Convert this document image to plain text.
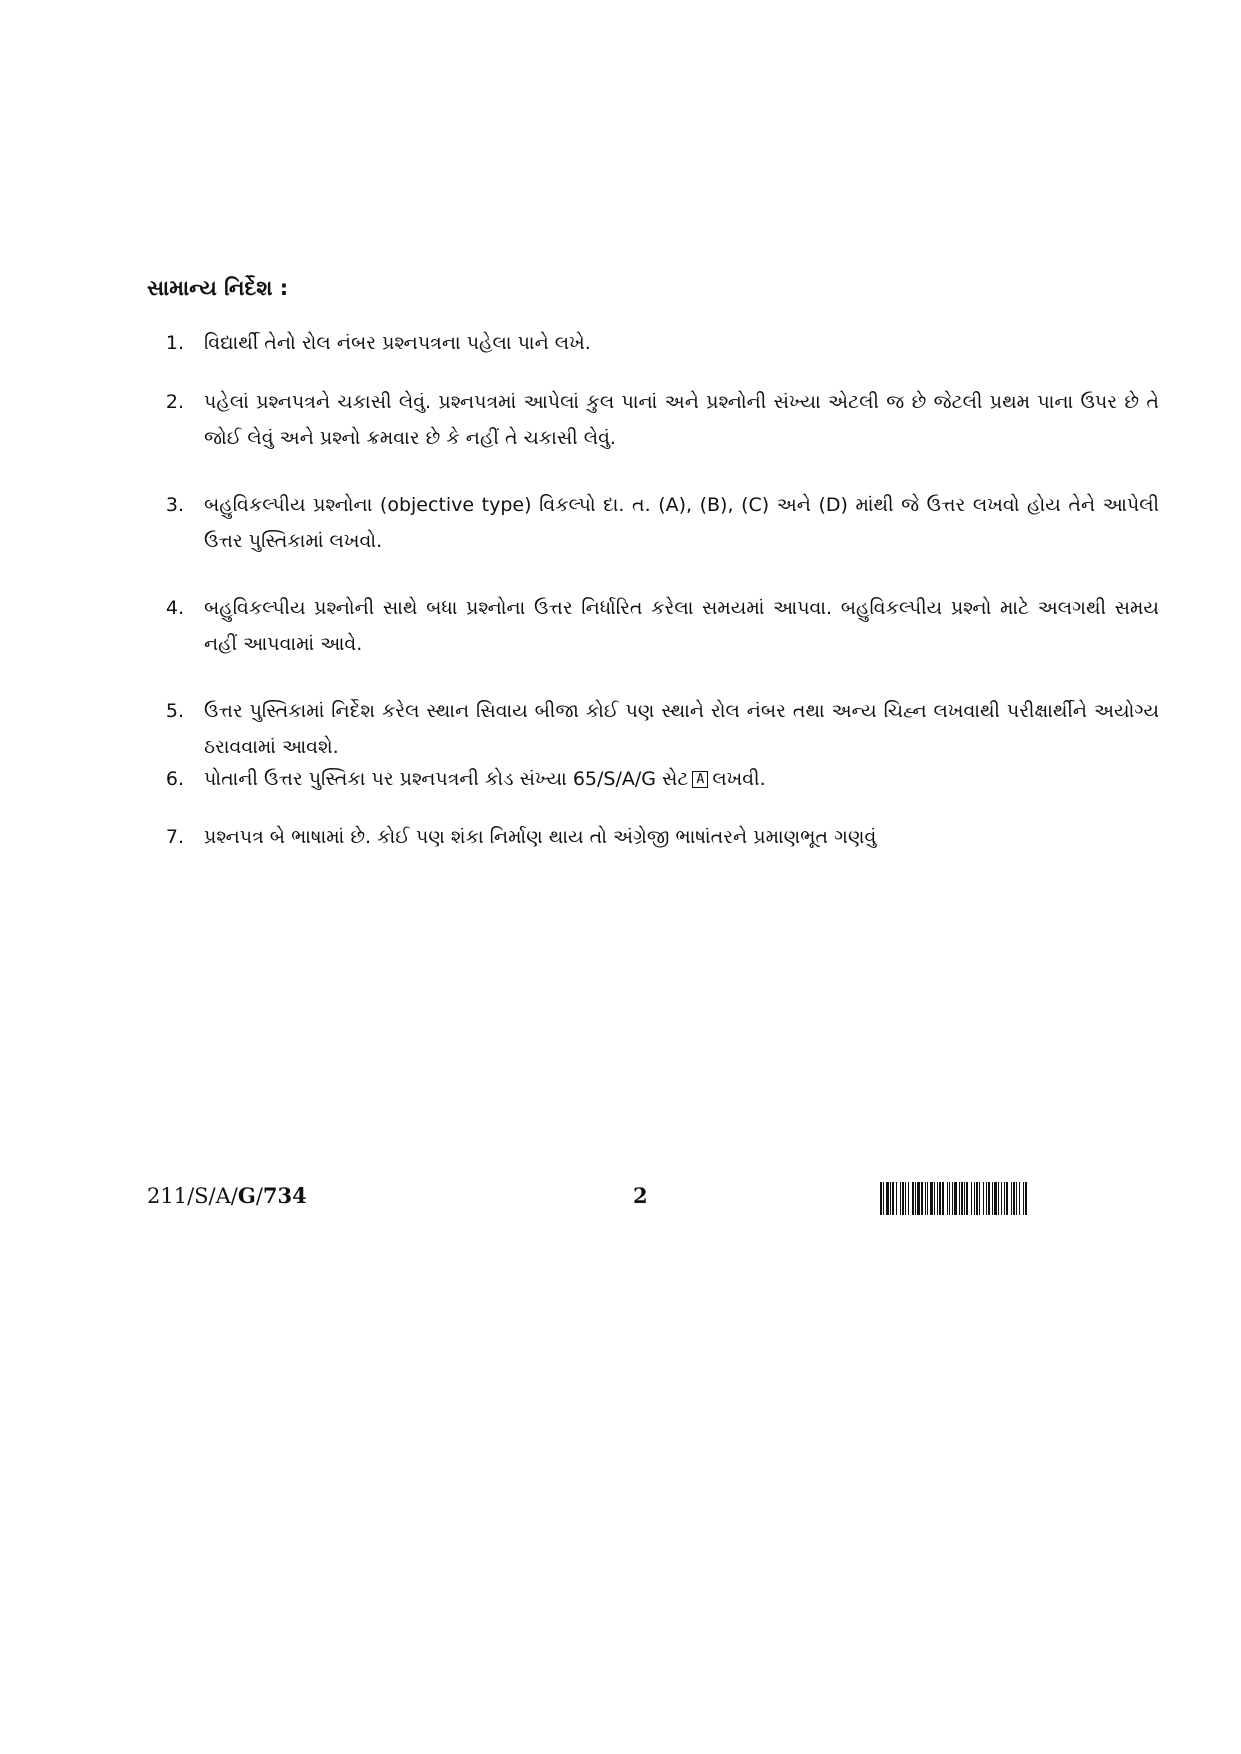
સામાન્ય નિર્દેશ :
1. વિદ્યાર્થી તેનો રોલ નંબર પ્રશ્નપત્રના પહેલા પાને લખે.
2. પહેલાં પ્રશ્નપત્રને ચકાસી લેવું. પ્રશ્નપત્રમાં આપેલાં કુલ પાનાં અને પ્રશ્નોની સંખ્યા એટલી જ છે જેટલી પ્રથમ પાના ઉપર છે તે જોઈ લેવું અને પ્રશ્નો ક્રમવાર છે કે નહીં તે ચકાસી લેવું.
3. બહુવિકલ્પીય પ્રશ્નોના (objective type) વિકલ્પો દા. ત. (A), (B), (C) અને (D) માંથી જે ઉત્તર લખવો હોય તેને આપેલી ઉત્તર પુસ્તિકામાં લખવો.
4. બહુવિકલ્પીય પ્રશ્નોની સાથે બધા પ્રશ્નોના ઉત્તર નિર્ધારિત કરેલા સમયમાં આપવા. બહુવિકલ્પીય પ્રશ્નો માટે અલગથી સમય નહીં આપવામાં આવે.
5. ઉત્તર પુસ્તિકામાં નિર્દેશ કરેલ સ્થાન સિવાય બીજા કોઈ પણ સ્થાને રોલ નંબર તથા અન્ય ચિહ્ન લખવાથી પરીક્ષાર્થીને અયોગ્ય ઠરાવવામાં આવશે.
6. પોતાની ઉત્તર પુસ્તિકા પર પ્રશ્નપત્રની કોડ સંખ્યા 65/S/A/G સેટ A લખવી.
7. પ્રશ્નપત્ર બે ભાષામાં છે. કોઈ પણ શંકા નિર્માણ થાય તો અંગ્રેજી ભાષાંતરને પ્રમાણભૂત ગણવું
211/S/A/G/734	2
